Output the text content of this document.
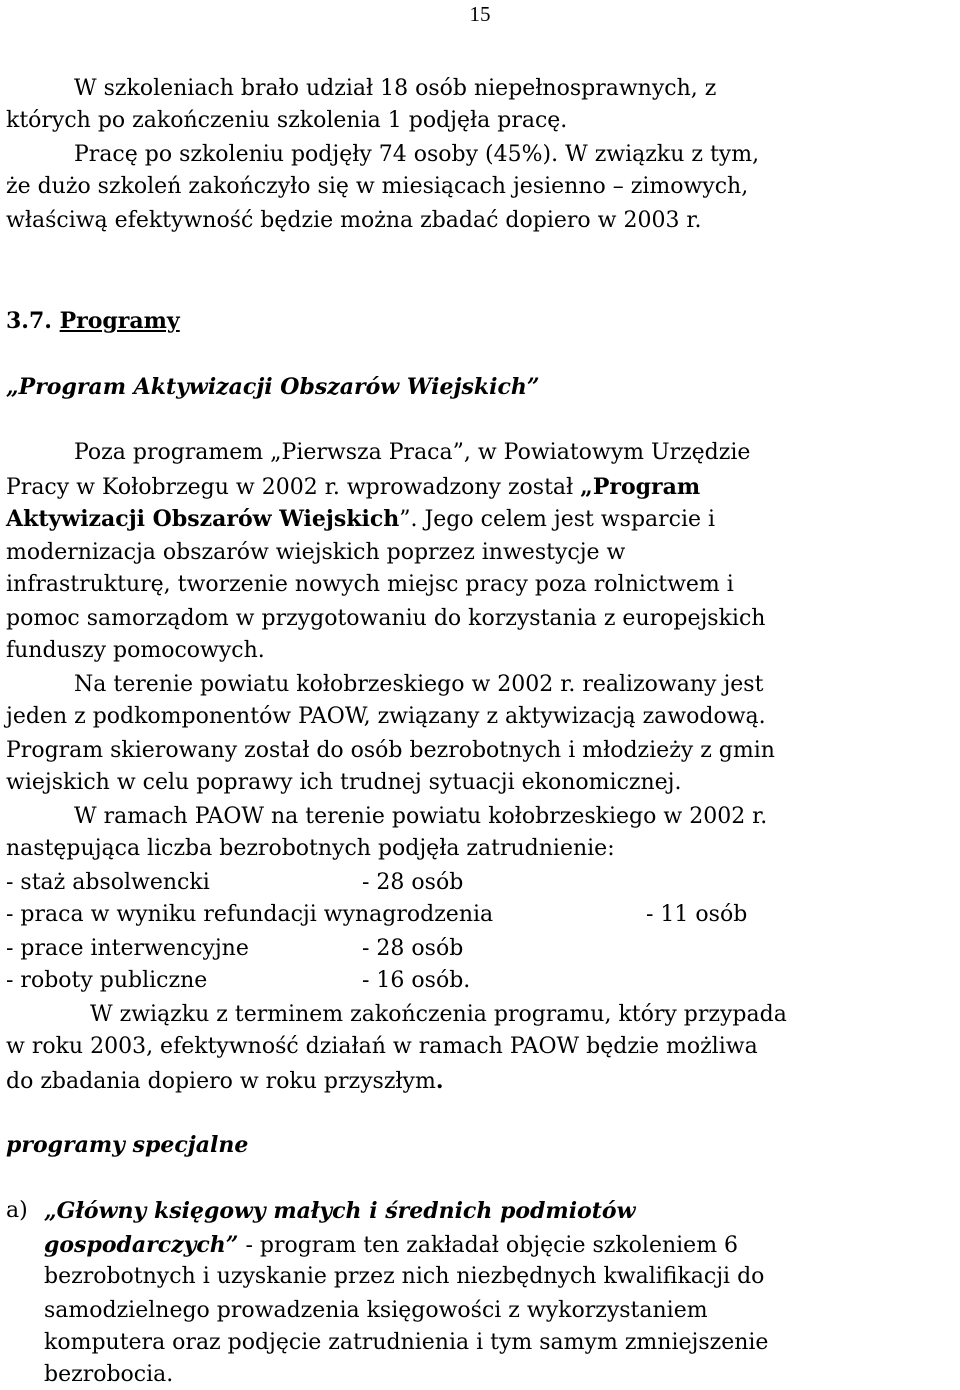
15
W szkoleniach brało udział 18 osób niepełnosprawnych, z
których po zakończeniu szkolenia 1 podjęła pracę.
Pracę po szkoleniu podjęły 74 osoby (45%). W związku z tym,
że dużo szkoleń zakończyło się w miesiącach jesienno – zimowych,
właściwą efektywność będzie można zbadać dopiero w 2003 r.
3.7. Programy
„Program Aktywizacji Obszarów Wiejskich”
Poza programem „Pierwsza Praca”, w Powiatowym Urzędzie
Pracy w Kołobrzegu w 2002 r. wprowadzony został „Program
Aktywizacji Obszarów Wiejskich”. Jego celem jest wsparcie i
modernizacja obszarów wiejskich poprzez inwestycje w
infrastrukturę, tworzenie nowych miejsc pracy poza rolnictwem i
pomoc samorządom w przygotowaniu do korzystania z europejskich
funduszy pomocowych.
Na terenie powiatu kołobrzeskiego w 2002 r. realizowany jest
jeden z podkomponentów PAOW, związany z aktywizacją zawodową.
Program skierowany został do osób bezrobotnych i młodzieży z gmin
wiejskich w celu poprawy ich trudnej sytuacji ekonomicznej.
W ramach PAOW na terenie powiatu kołobrzeskiego w 2002 r.
następująca liczba bezrobotnych podjęła zatrudnienie:
- staż absolwencki	- 28 osób
- praca w wyniku refundacji wynagrodzenia	- 11 osób
- prace interwencyjne	- 28 osób
- roboty publiczne	- 16 osób.
W związku z terminem zakończenia programu, który przypada
w roku 2003, efektywność działań w ramach PAOW będzie możliwa
do zbadania dopiero w roku przyszłym.
programy specjalne
a) „Główny księgowy małych i średnich podmiotów
gospodarczych” - program ten zakładał objęcie szkoleniem 6
bezrobotnych i uzyskanie przez nich niezbędnych kwalifikacji do
samodzielnego prowadzenia księgowości z wykorzystaniem
komputera oraz podjęcie zatrudnienia i tym samym zmniejszenie
bezrobocia.
